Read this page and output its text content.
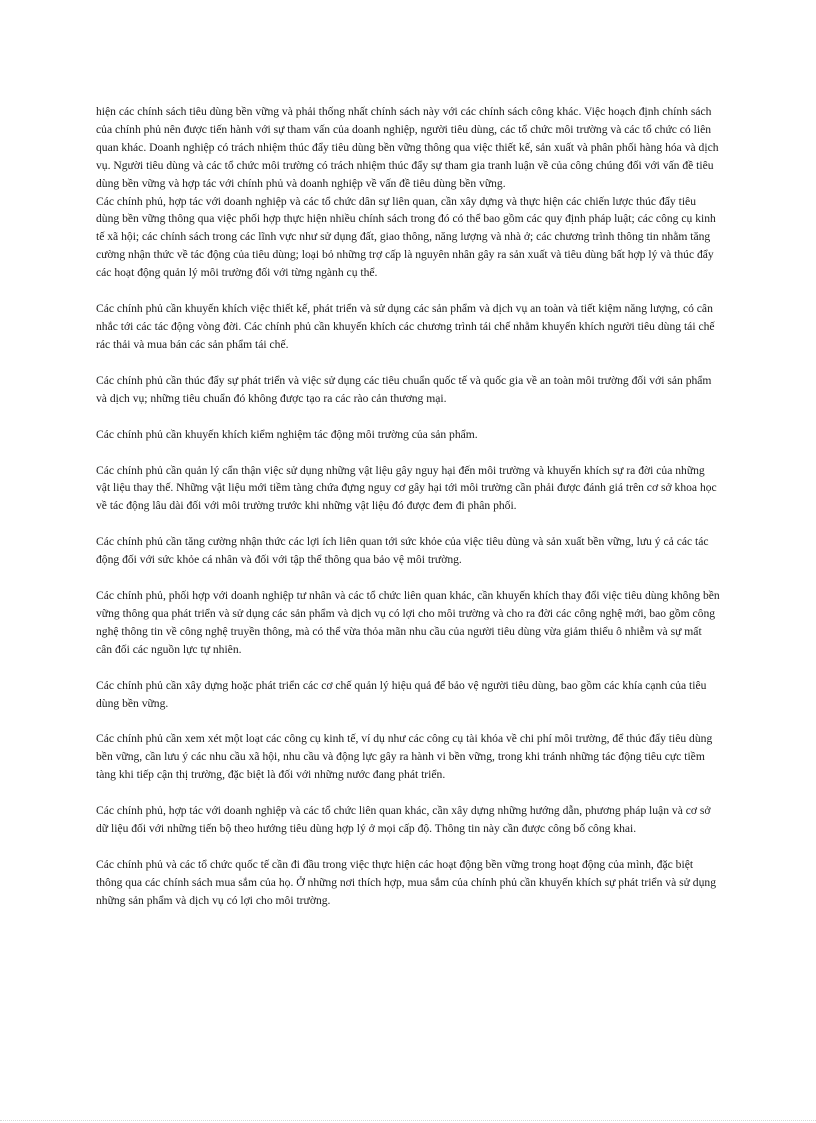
hiện các chính sách tiêu dùng bền vững và phải thống nhất chính sách này với các chính sách công khác. Việc hoạch định chính sách của chính phủ nên được tiến hành với sự tham vấn của doanh nghiệp, người tiêu dùng, các tổ chức môi trường và các tổ chức có liên quan khác. Doanh nghiệp có trách nhiệm thúc đẩy tiêu dùng bền vững thông qua việc thiết kế, sản xuất và phân phối hàng hóa và dịch vụ. Người tiêu dùng và các tổ chức môi trường có trách nhiệm thúc đẩy sự tham gia tranh luận về của công chúng đối với vấn đề tiêu dùng bền vững và hợp tác với chính phủ và doanh nghiệp về vấn đề tiêu dùng bền vững.

Các chính phủ, hợp tác với doanh nghiệp và các tổ chức dân sự liên quan, cần xây dựng và thực hiện các chiến lược thúc đẩy tiêu dùng bền vững thông qua việc phối hợp thực hiện nhiều chính sách trong đó có thể bao gồm các quy định pháp luật; các công cụ kinh tế xã hội; các chính sách trong các lĩnh vực như sử dụng đất, giao thông, năng lượng và nhà ở; các chương trình thông tin nhằm tăng cường nhận thức về tác động của tiêu dùng; loại bỏ những trợ cấp là nguyên nhân gây ra sản xuất và tiêu dùng bất hợp lý và thúc đẩy các hoạt động quản lý môi trường đối với từng ngành cụ thể.

Các chính phủ cần khuyến khích việc thiết kế, phát triển và sử dụng các sản phẩm và dịch vụ an toàn và tiết kiệm năng lượng, có cân nhắc tới các tác động vòng đời. Các chính phủ cần khuyến khích các chương trình tái chế nhằm khuyến khích người tiêu dùng tái chế rác thải và mua bán các sản phẩm tái chế.

Các chính phủ cần thúc đẩy sự phát triển và việc sử dụng các tiêu chuẩn quốc tế và quốc gia về an toàn môi trường đối với sản phẩm và dịch vụ; những tiêu chuẩn đó không được tạo ra các rào cản thương mại.

Các chính phủ cần khuyến khích kiểm nghiệm tác động môi trường của sản phẩm.

Các chính phủ cần quản lý cẩn thận việc sử dụng những vật liệu gây nguy hại đến môi trường và khuyến khích sự ra đời của những vật liệu thay thế. Những vật liệu mới tiềm tàng chứa đựng nguy cơ gây hại tới môi trường cần phải được đánh giá trên cơ sở khoa học về tác động lâu dài đối với môi trường trước khi những vật liệu đó được đem đi phân phối.

Các chính phủ cần tăng cường nhận thức các lợi ích liên quan tới sức khỏe của việc tiêu dùng và sản xuất bền vững, lưu ý cả các tác động đối với sức khỏe cá nhân và đối với tập thể thông qua bảo vệ môi trường.

Các chính phủ, phối hợp với doanh nghiệp tư nhân và các tổ chức liên quan khác, cần khuyến khích thay đổi việc tiêu dùng không bền vững thông qua phát triển và sử dụng các sản phẩm và dịch vụ có lợi cho môi trường và cho ra đời các công nghệ mới, bao gồm công nghệ thông tin về công nghệ truyền thông, mà có thể vừa thỏa mãn nhu cầu của người tiêu dùng vừa giảm thiểu ô nhiễm và sự mất cân đối các nguồn lực tự nhiên.

Các chính phủ cần xây dựng hoặc phát triển các cơ chế quản lý hiệu quả để bảo vệ người tiêu dùng, bao gồm các khía cạnh của tiêu dùng bền vững.

Các chính phủ cần xem xét một loạt các công cụ kinh tế, ví dụ như các công cụ tài khóa về chi phí môi trường, để thúc đẩy tiêu dùng bền vững, cần lưu ý các nhu cầu xã hội, nhu cầu và động lực gây ra hành vi bền vững, trong khi tránh những tác động tiêu cực tiềm tàng khi tiếp cận thị trường, đặc biệt là đối với những nước đang phát triển.

Các chính phủ, hợp tác với doanh nghiệp và các tổ chức liên quan khác, cần xây dựng những hướng dẫn, phương pháp luận và cơ sở dữ liệu đối với những tiến bộ theo hướng tiêu dùng hợp lý ở mọi cấp độ. Thông tin này cần được công bố công khai.

Các chính phủ và các tổ chức quốc tế cần đi đầu trong việc thực hiện các hoạt động bền vững trong hoạt động của mình, đặc biệt thông qua các chính sách mua sắm của họ. Ở những nơi thích hợp, mua sắm của chính phủ cần khuyến khích sự phát triển và sử dụng những sản phẩm và dịch vụ có lợi cho môi trường.
